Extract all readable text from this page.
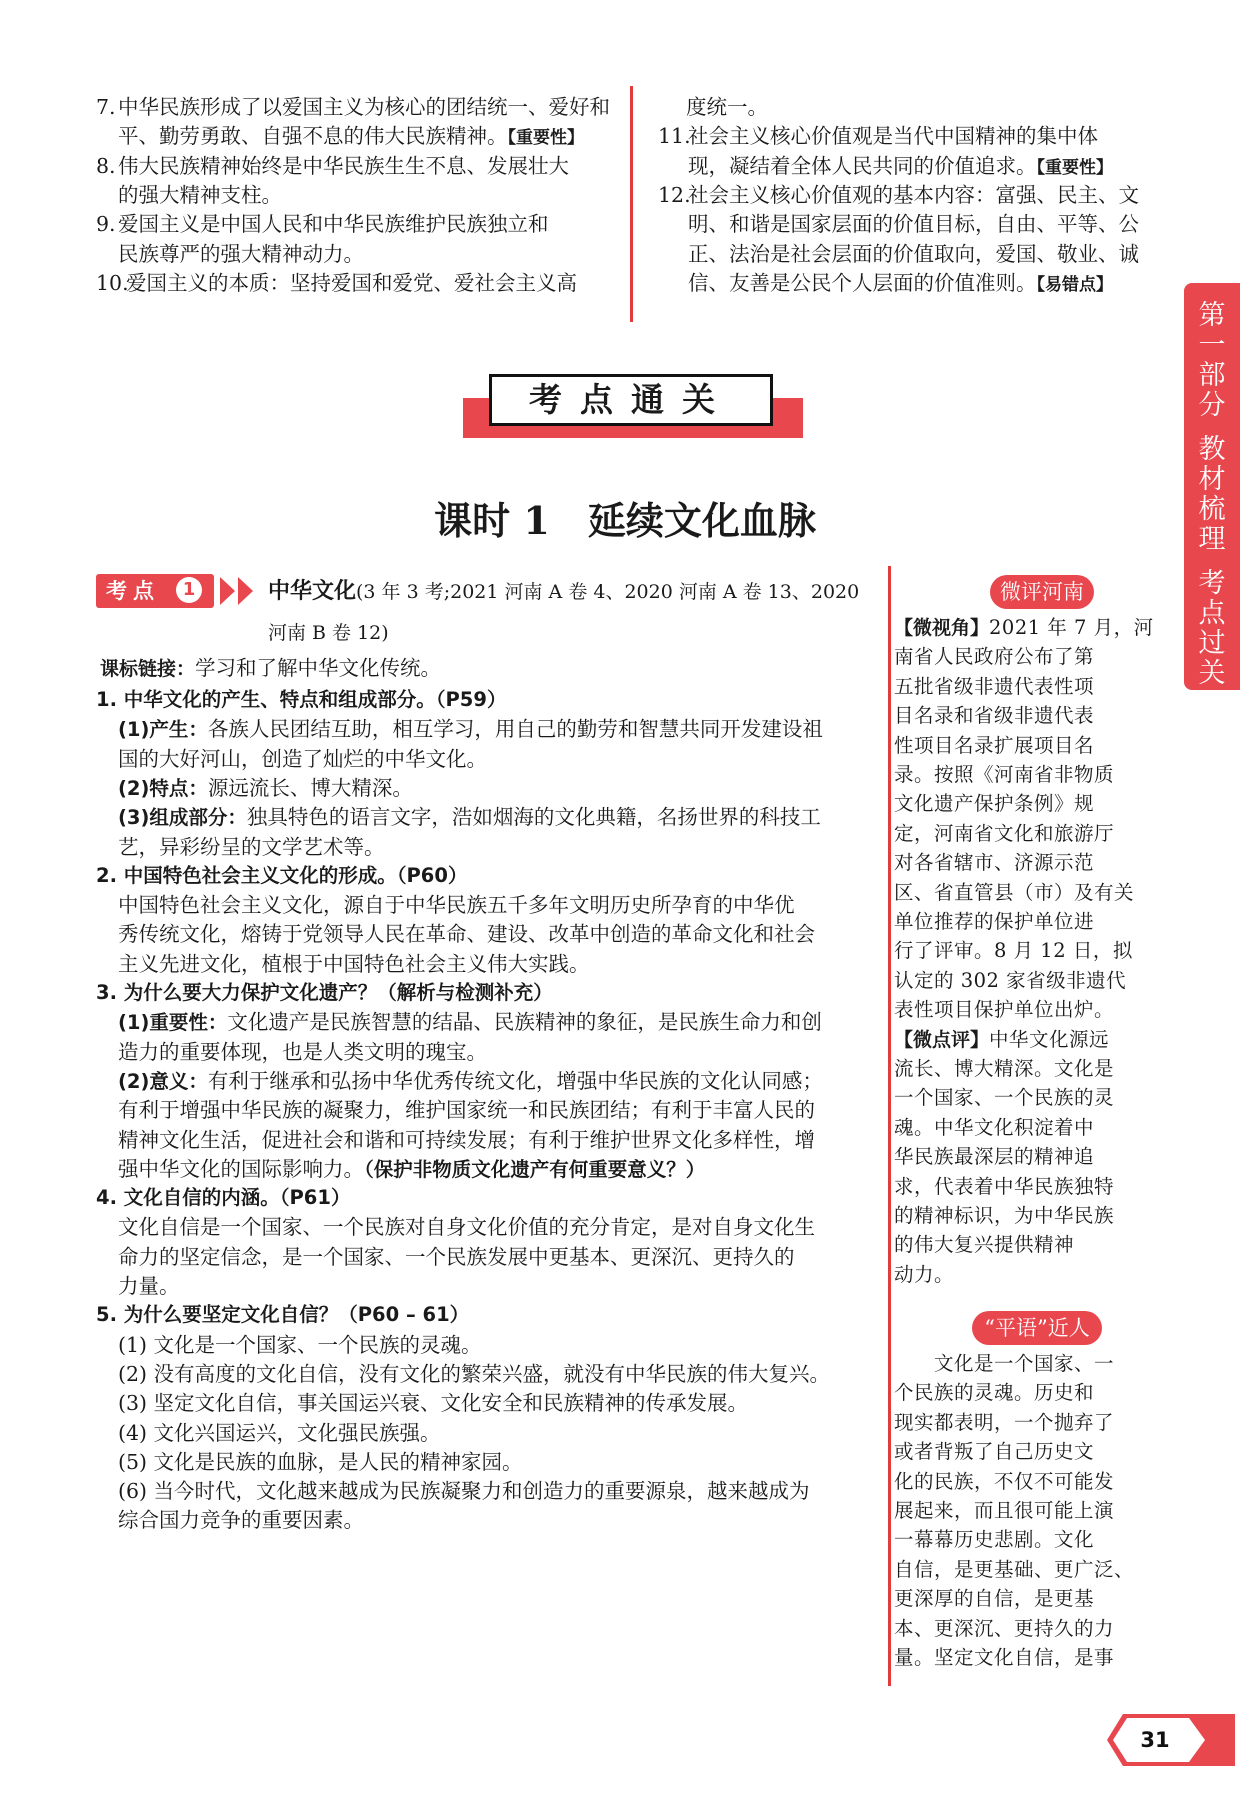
7. 中华民族形成了以爱国主义为核心的团结统一、爱好和
平、勤劳勇敢、自强不息的伟大民族精神。【重要性】
8. 伟大民族精神始终是中华民族生生不息、发展壮大
的强大精神支柱。
9. 爱国主义是中国人民和中华民族维护民族独立和
民族尊严的强大精神动力。
10.爱国主义的本质：坚持爱国和爱党、爱社会主义高
度统一。
11.社会主义核心价值观是当代中国精神的集中体
现，凝结着全体人民共同的价值追求。【重要性】
12.社会主义核心价值观的基本内容：富强、民主、文
明、和谐是国家层面的价值目标，自由、平等、公
正、法治是社会层面的价值取向，爱国、敬业、诚
信、友善是公民个人层面的价值准则。【易错点】
第
一
部
分
教
材
梳
理
考
点
过
关
考点通关
课时 1　延续文化血脉
考点	1	中华文化(3 年 3 考;2021 河南 A 卷 4、2020 河南 A 卷 13、2020
河南 B 卷 12)
课标链接：学习和了解中华文化传统。
1. 中华文化的产生、特点和组成部分。（P59）
(1)产生：各族人民团结互助，相互学习，用自己的勤劳和智慧共同开发建设祖
国的大好河山，创造了灿烂的中华文化。
(2)特点：源远流长、博大精深。
(3)组成部分：独具特色的语言文字，浩如烟海的文化典籍，名扬世界的科技工
艺，异彩纷呈的文学艺术等。
2. 中国特色社会主义文化的形成。（P60）
中国特色社会主义文化，源自于中华民族五千多年文明历史所孕育的中华优
秀传统文化，熔铸于党领导人民在革命、建设、改革中创造的革命文化和社会
主义先进文化，植根于中国特色社会主义伟大实践。
3. 为什么要大力保护文化遗产？（解析与检测补充）
(1)重要性：文化遗产是民族智慧的结晶、民族精神的象征，是民族生命力和创
造力的重要体现，也是人类文明的瑰宝。
(2)意义：有利于继承和弘扬中华优秀传统文化，增强中华民族的文化认同感；
有利于增强中华民族的凝聚力，维护国家统一和民族团结；有利于丰富人民的
精神文化生活，促进社会和谐和可持续发展；有利于维护世界文化多样性，增
强中华文化的国际影响力。（保护非物质文化遗产有何重要意义？）
4. 文化自信的内涵。（P61）
文化自信是一个国家、一个民族对自身文化价值的充分肯定，是对自身文化生
命力的坚定信念，是一个国家、一个民族发展中更基本、更深沉、更持久的
力量。
5. 为什么要坚定文化自信？（P60 – 61）
(1) 文化是一个国家、一个民族的灵魂。
(2) 没有高度的文化自信，没有文化的繁荣兴盛，就没有中华民族的伟大复兴。
(3) 坚定文化自信，事关国运兴衰、文化安全和民族精神的传承发展。
(4) 文化兴国运兴，文化强民族强。
(5) 文化是民族的血脉，是人民的精神家园。
(6) 当今时代，文化越来越成为民族凝聚力和创造力的重要源泉，越来越成为
综合国力竞争的重要因素。
微评河南
【微视角】2021 年 7 月，河
南省人民政府公布了第
五批省级非遗代表性项
目名录和省级非遗代表
性项目名录扩展项目名
录。按照《河南省非物质
文化遗产保护条例》规
定，河南省文化和旅游厅
对各省辖市、济源示范
区、省直管县（市）及有关
单位推荐的保护单位进
行了评审。8 月 12 日，拟
认定的 302 家省级非遗代
表性项目保护单位出炉。
【微点评】中华文化源远
流长、博大精深。文化是
一个国家、一个民族的灵
魂。中华文化积淀着中
华民族最深层的精神追
求，代表着中华民族独特
的精神标识，为中华民族
的伟大复兴提供精神
动力。
“平语”近人
　　文化是一个国家、一
个民族的灵魂。历史和
现实都表明，一个抛弃了
或者背叛了自己历史文
化的民族，不仅不可能发
展起来，而且很可能上演
一幕幕历史悲剧。文化
自信，是更基础、更广泛、
更深厚的自信，是更基
本、更深沉、更持久的力
量。坚定文化自信，是事
31
